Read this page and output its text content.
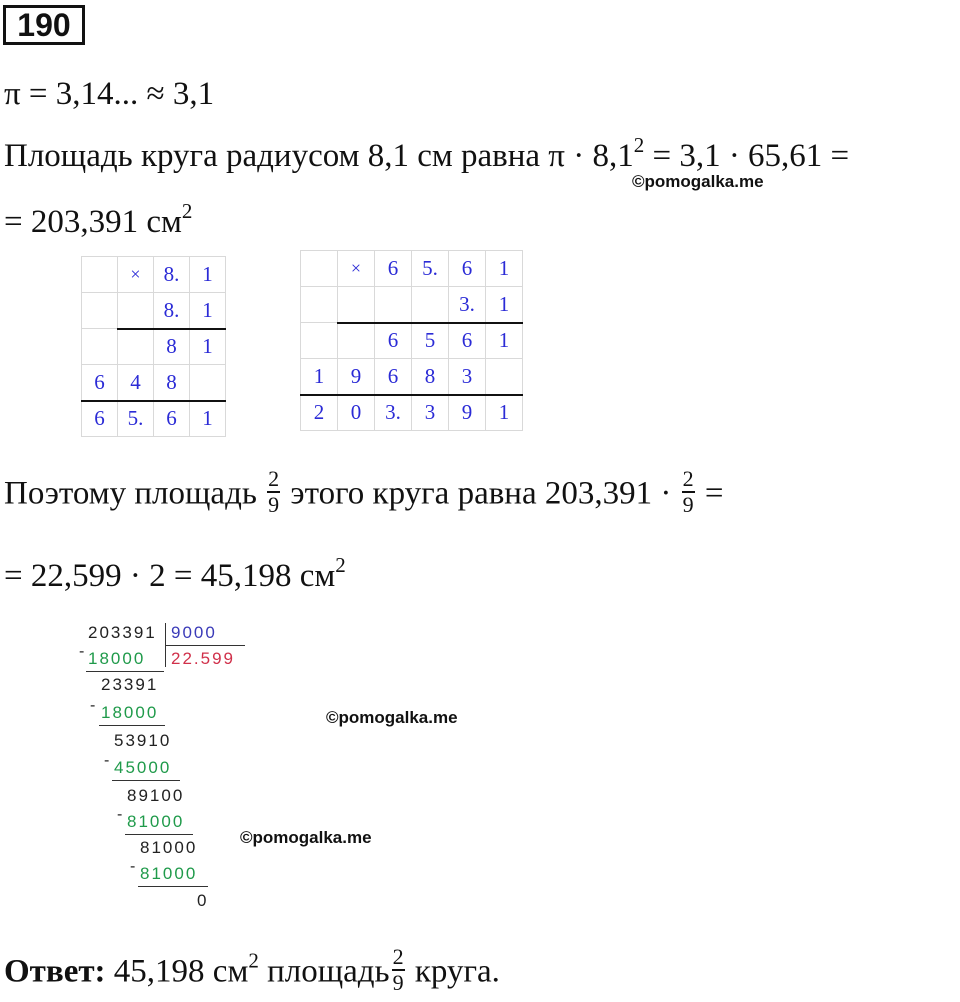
190
π = 3,14... ≈ 3,1
Площадь круга радиусом 8,1 см равна $\pi \cdot 8,1^2 = 3,1 \cdot 65,61$ =
©pomogalka.me
= 203,391 $см^2$
	×	8.	1
		8.	1
		8	1
6	4	8	
6	5.	6	1
	×	6	5.	6	1
				3.	1
		6	5	6	1
1	9	6	8	3	
2	0	3.	3	9	1
Поэтому площадь $\frac{2}{9}$ этого круга равна $203,391 \cdot \frac{2}{9}$ =
= 22,599 · 2 = 45,198 $см^2$
203391 9000
22.599
- 18000
23391
- 18000
53910
- 45000
89100
- 81000
81000
- 81000
0
©pomogalka.me
©pomogalka.me
Ответ: 45,198 $см^2$ площадь $\frac{2}{9}$ круга.
